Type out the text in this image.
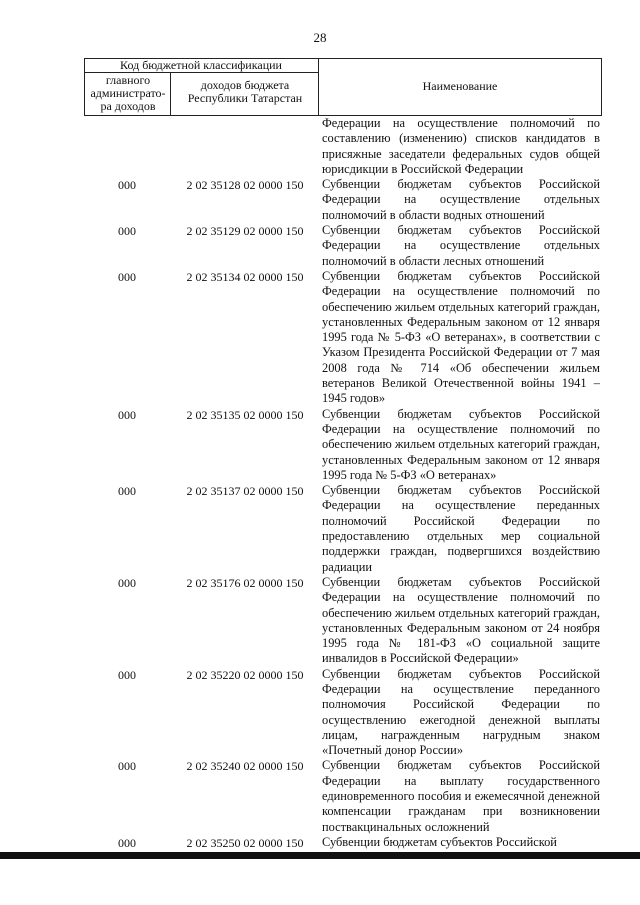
28
Код бюджетной классификации
главного администрато-ра доходов
доходов бюджета Республики Татарстан
Наименование
Федерации на осуществление полномочий по составлению (изменению) списков кандидатов в присяжные заседатели федеральных судов общей юрисдикции в Российской Федерации
000	2 02 35128 02 0000 150	Субвенции бюджетам субъектов Российской Федерации на осуществление отдельных полномочий в области водных отношений
000	2 02 35129 02 0000 150	Субвенции бюджетам субъектов Российской Федерации на осуществление отдельных полномочий в области лесных отношений
000	2 02 35134 02 0000 150	Субвенции бюджетам субъектов Российской Федерации на осуществление полномочий по обеспечению жильем отдельных категорий граждан, установленных Федеральным законом от 12 января 1995 года № 5-ФЗ «О ветеранах», в соответствии с Указом Президента Российской Федерации от 7 мая 2008 года № 714 «Об обеспечении жильем ветеранов Великой Отечественной войны 1941 – 1945 годов»
000	2 02 35135 02 0000 150	Субвенции бюджетам субъектов Российской Федерации на осуществление полномочий по обеспечению жильем отдельных категорий граждан, установленных Федеральным законом от 12 января 1995 года № 5-ФЗ «О ветеранах»
000	2 02 35137 02 0000 150	Субвенции бюджетам субъектов Российской Федерации на осуществление переданных полномочий Российской Федерации по предоставлению отдельных мер социальной поддержки граждан, подвергшихся воздействию радиации
000	2 02 35176 02 0000 150	Субвенции бюджетам субъектов Российской Федерации на осуществление полномочий по обеспечению жильем отдельных категорий граждан, установленных Федеральным законом от 24 ноября 1995 года № 181-ФЗ «О социальной защите инвалидов в Российской Федерации»
000	2 02 35220 02 0000 150	Субвенции бюджетам субъектов Российской Федерации на осуществление переданного полномочия Российской Федерации по осуществлению ежегодной денежной выплаты лицам, награжденным нагрудным знаком «Почетный донор России»
000	2 02 35240 02 0000 150	Субвенции бюджетам субъектов Российской Федерации на выплату государственного единовременного пособия и ежемесячной денежной компенсации гражданам при возникновении поствакцинальных осложнений
000	2 02 35250 02 0000 150	Субвенции бюджетам субъектов Российской
